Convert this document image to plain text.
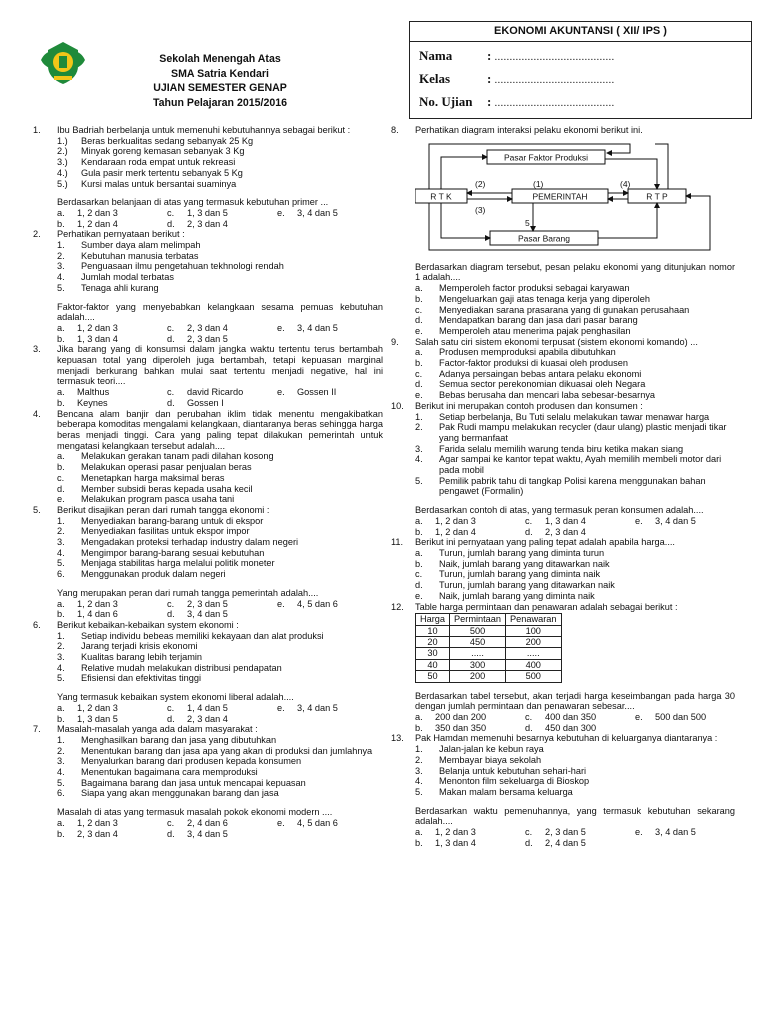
Sekolah Menengah Atas
SMA Satria Kendari
UJIAN SEMESTER GENAP
Tahun Pelajaran 2015/2016
EKONOMI AKUNTANSI ( XII/ IPS )
Nama	: ........................................
Kelas	: ........................................
No. Ujian : ........................................
1.	Ibu Badriah berbelanja untuk memenuhi kebutuhannya sebagai berikut :
1.)	Beras berkualitas sedang sebanyak 25 Kg
2.)	Minyak goreng kemasan sebanyak 3 Kg
3.)	Kendaraan roda empat untuk rekreasi
4.)	Gula pasir merk tertentu sebanyak 5 Kg
5.)	Kursi malas untuk bersantai suaminya
Berdasarkan belanjaan di atas yang termasuk kebutuhan primer ...
a. 1, 2 dan 3	c. 1, 3 dan 5	e. 3, 4 dan 5
b. 1, 2 dan 4	d. 2, 3 dan 4
2.	Perhatikan pernyataan berikut :
1.	Sumber daya alam melimpah
2.	Kebutuhan manusia terbatas
3.	Penguasaan ilmu pengetahuan tekhnologi rendah
4.	Jumlah modal terbatas
5.	Tenaga ahli kurang
Faktor-faktor yang menyebabkan kelangkaan sesama pemuas kebutuhan adalah....
a. 1, 2 dan 3	c. 2, 3 dan 4	e. 3, 4 dan 5
b. 1, 3 dan 4	d. 2, 3 dan 5
3.	Jika barang yang di konsumsi dalam jangka waktu tertentu terus bertambah kepuasan total yang diperoleh juga bertambah, tetapi kepuasan marginal menjadi berkurang bahkan mulai saat tertentu menjadi negative, hal ini termasuk teori....
a. Malthus	c. david Ricardo	e. Gossen II
b. Keynes	d. Gossen I
4.	Bencana alam banjir dan perubahan iklim tidak menentu mengakibatkan beberapa komoditas mengalami kelangkaan, diantaranya beras sehingga harga beras menjadi tinggi. Cara yang paling tepat dilakukan pemerintah untuk mengatasi kelangkaan tersebut adalah....
a.	Melakukan gerakan tanam padi dilahan kosong
b.	Melakukan operasi pasar penjualan beras
c.	Menetapkan harga maksimal beras
d.	Member subsidi beras kepada usaha kecil
e.	Melakukan program pasca usaha tani
5.	Berikut disajikan peran dari rumah tangga ekonomi :
1.	Menyediakan barang-barang untuk di ekspor
2.	Menyediakan fasilitas untuk ekspor impor
3.	Mengadakan proteksi terhadap industry dalam negeri
4.	Mengimpor barang-barang sesuai kebutuhan
5.	Menjaga stabilitas harga melalui politik moneter
6.	Menggunakan produk dalam negeri
Yang merupakan peran dari rumah tangga pemerintah adalah....
a. 1, 2 dan 3	c. 2, 3 dan 5	e. 4, 5 dan 6
b. 1, 4 dan 6	d. 3, 4 dan 5
6.	Berikut kebaikan-kebaikan system ekonomi :
1.	Setiap individu bebeas memiliki kekayaan dan alat produksi
2.	Jarang terjadi krisis ekonomi
3.	Kualitas barang lebih terjamin
4.	Relative mudah melakukan distribusi pendapatan
5.	Efisiensi dan efektivitas tinggi
Yang termasuk kebaikan system ekonomi liberal adalah....
a. 1, 2 dan 3	c. 1, 4 dan 5	e. 3, 4 dan 5
b. 1, 3 dan 5	d. 2, 3 dan 4
7.	Masalah-masalah yanga ada dalam masyarakat :
1.	Menghasilkan barang dan jasa yang dibutuhkan
2.	Menentukan barang dan jasa apa yang akan di produksi dan jumlahnya
3.	Menyalurkan barang dari produsen kepada konsumen
4.	Menentukan bagaimana cara memproduksi
5.	Bagaimana barang dan jasa untuk mencapai kepuasan
6.	Siapa yang akan menggunakan barang dan jasa
Masalah di atas yang termasuk masalah pokok ekonomi modern ....
a. 1, 2 dan 3	c. 2, 4 dan 6	e. 4, 5 dan 6
b. 2, 3 dan 4	d. 3, 4 dan 5
8.	Perhatikan diagram interaksi pelaku ekonomi berikut ini.
Pasar Faktor Produksi
R T K	PEMERINTAH	R T P
Pasar Barang
(1)
(2)
(3)
(4)
5
Berdasarkan diagram tersebut, pesan pelaku ekonomi yang ditunjukan nomor 1 adalah....
a.	Memperoleh factor produksi sebagai karyawan
b.	Mengeluarkan gaji atas tenaga kerja yang diperoleh
c.	Menyediakan sarana prasarana yang di gunakan perusahaan
d.	Mendapatkan barang dan jasa dari pasar barang
e.	Memperoleh atau menerima pajak penghasilan
9.	Salah satu ciri sistem ekonomi terpusat (sistem ekonomi komando) ...
a.	Produsen memproduksi apabila dibutuhkan
b.	Factor-faktor produksi di kuasai oleh produsen
c.	Adanya persaingan bebas antara pelaku ekonomi
d.	Semua sector perekonomian dikuasai oleh Negara
e.	Bebas berusaha dan mencari laba sebesar-besarnya
10.	Berikut ini merupakan contoh produsen dan konsumen :
1.	Setiap berbelanja, Bu Tuti selalu melakukan tawar menawar harga
2.	Pak Rudi mampu melakukan recycler (daur ulang) plastic menjadi tikar yang bermanfaat
3.	Farida selalu memilih warung tenda biru ketika makan siang
4.	Agar sampai ke kantor tepat waktu, Ayah memilih membeli motor dari pada mobil
5.	Pemilik pabrik tahu di tangkap Polisi karena menggunakan bahan pengawet (Formalin)
Berdasarkan contoh di atas, yang termasuk peran konsumen adalah....
a. 1, 2 dan 3	c. 1, 3 dan 4	e. 3, 4 dan 5
b. 1, 2 dan 4	d. 2, 3 dan 4
11.	Berikut ini pernyataan yang paling tepat adalah apabila harga....
a.	Turun, jumlah barang yang diminta turun
b.	Naik, jumlah barang yang ditawarkan naik
c.	Turun, jumlah barang yang diminta naik
d.	Turun, jumlah barang yang ditawarkan naik
e.	Naik, jumlah barang yang diminta naik
12.	Table harga permintaan dan penawaran adalah sebagai berikut :
Harga	Permintaan	Penawaran
10	500	100
20	450	200
30	.....	.....
40	300	400
50	200	500
Berdasarkan tabel tersebut, akan terjadi harga keseimbangan pada harga 30 dengan jumlah permintaan dan penawaran sebesar....
a. 200 dan 200	c. 400 dan 350	e. 500 dan 500
b. 350 dan 350	d. 450 dan 300
13.	Pak Hamdan memenuhi besarnya kebutuhan di keluarganya diantaranya :
1.	Jalan-jalan ke kebun raya
2.	Membayar biaya sekolah
3.	Belanja untuk kebutuhan sehari-hari
4.	Menonton film sekeluarga di Bioskop
5.	Makan malam bersama keluarga
Berdasarkan waktu pemenuhannya, yang termasuk kebutuhan sekarang adalah....
a. 1, 2 dan 3	c. 2, 3 dan 5	e. 3, 4 dan 5
b. 1, 3 dan 4	d. 2, 4 dan 5
